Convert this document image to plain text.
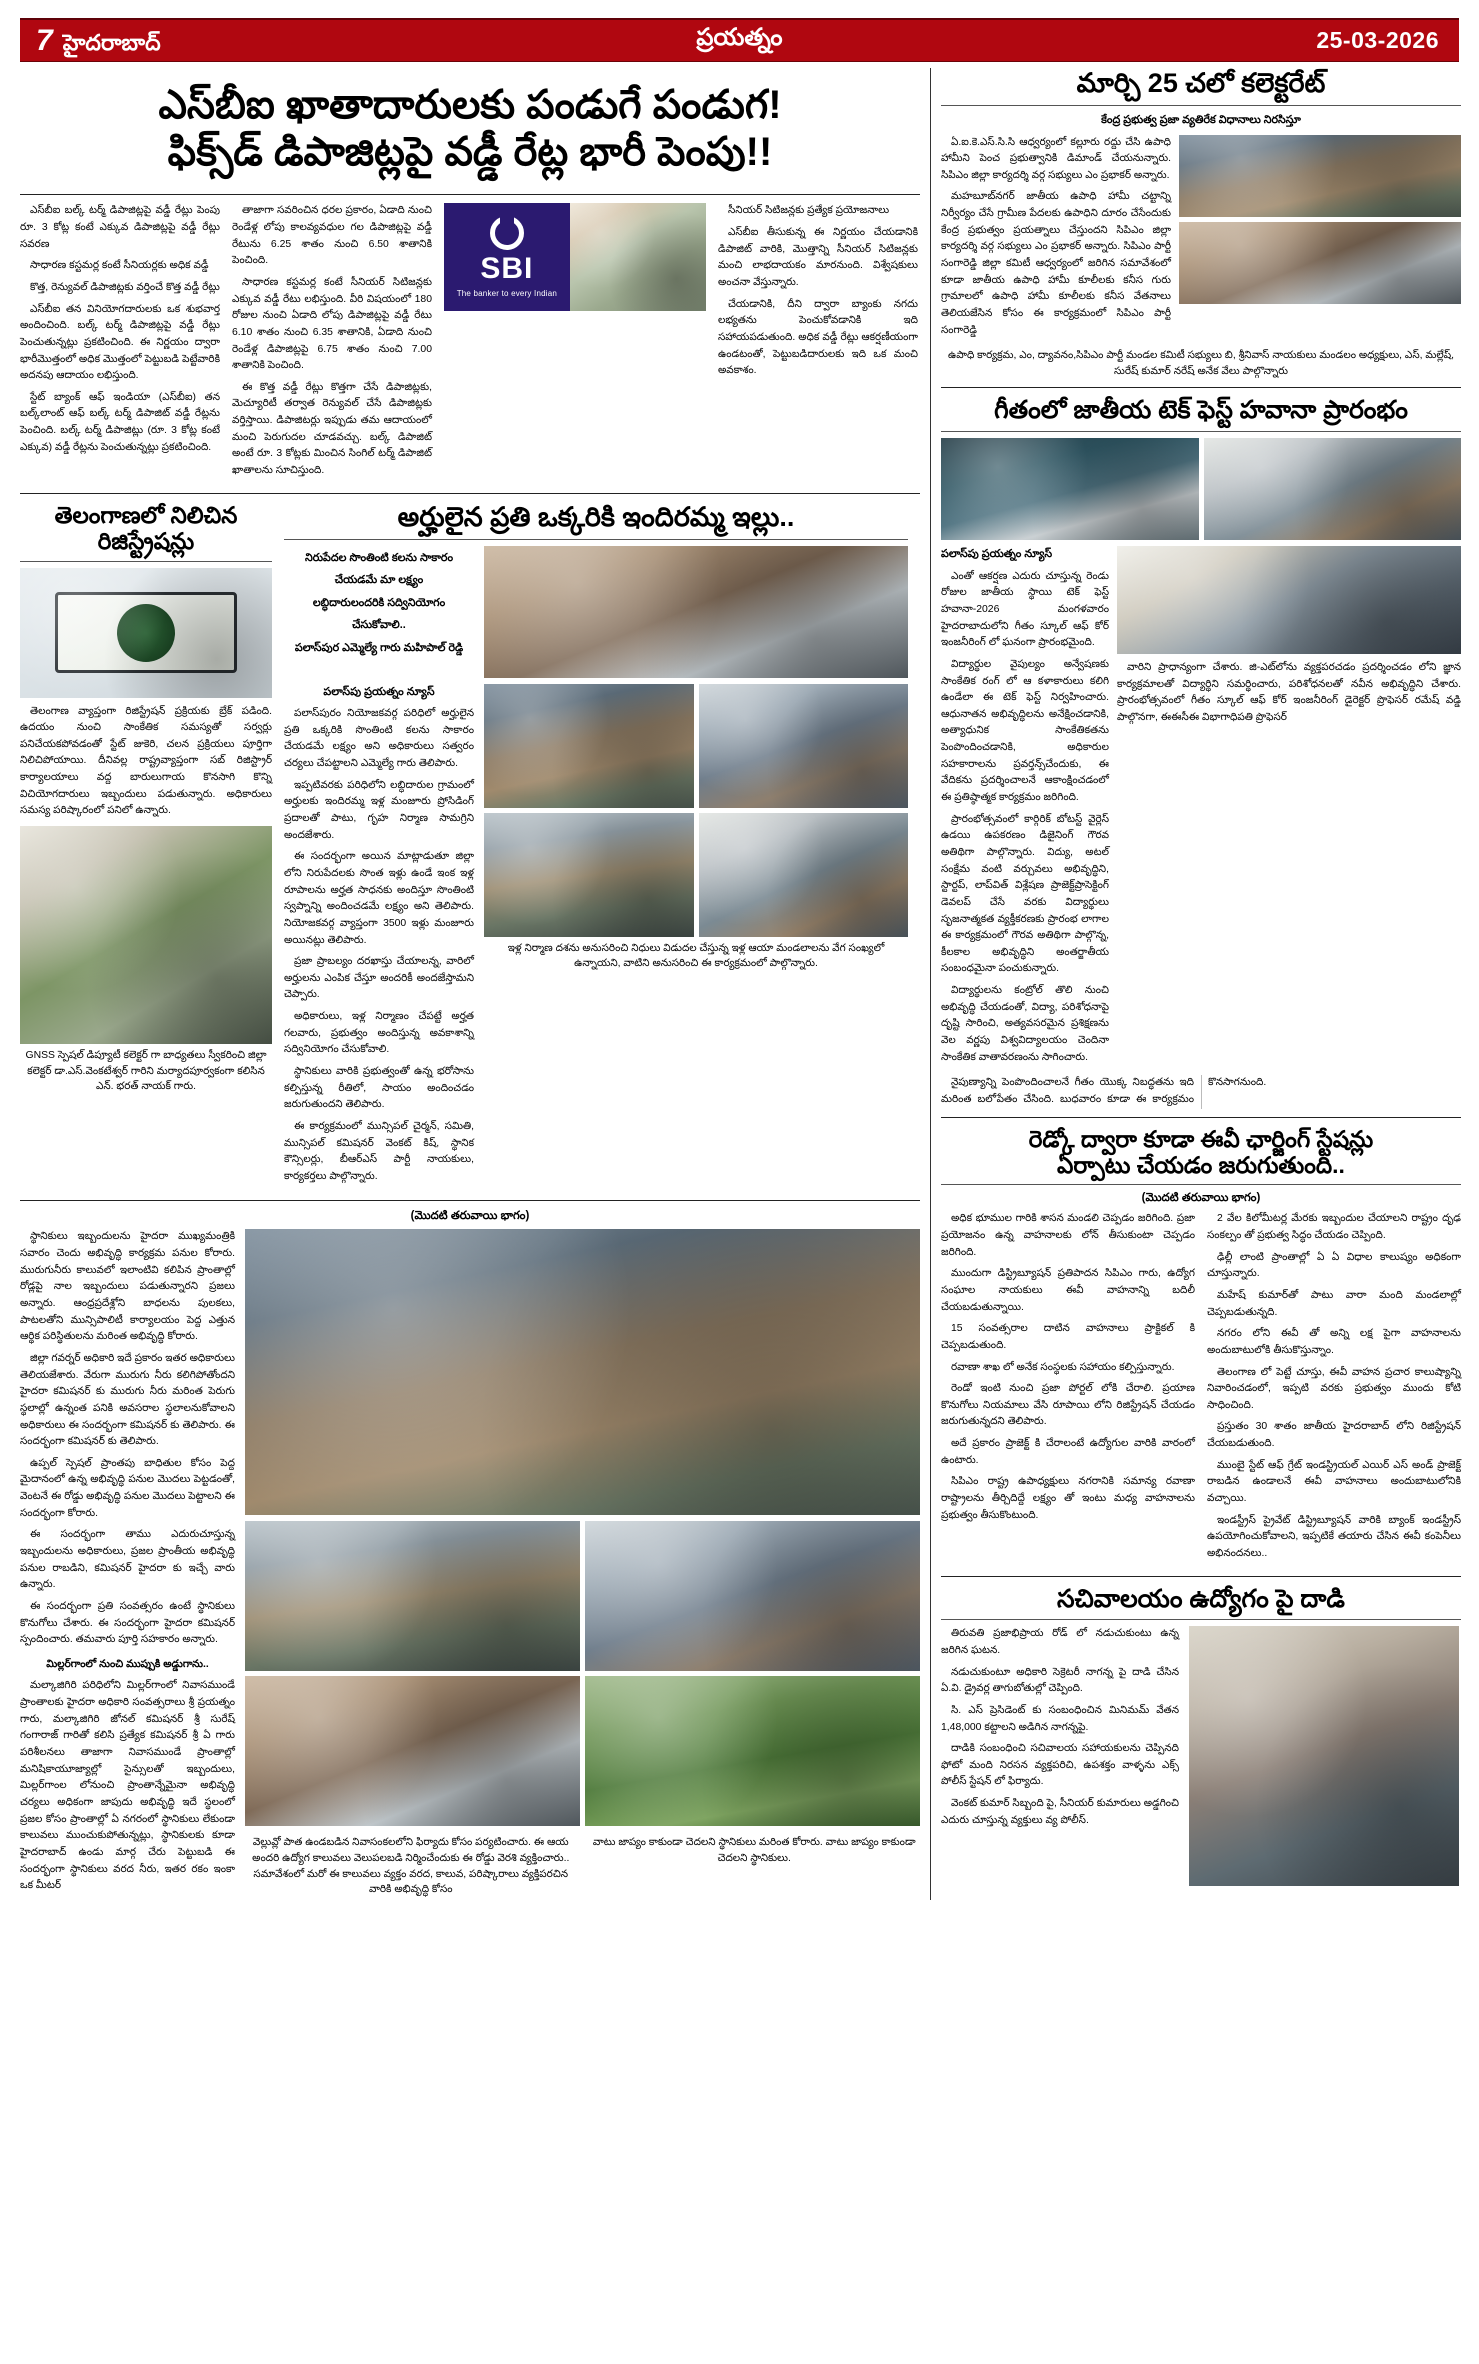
7 హైదరాబాద్	ప్రయత్నం	25-03-2026
ఎస్‌బీఐ ఖాతాదారులకు పండుగే పండుగ!
ఫిక్స్‌డ్ డిపాజిట్లపై వడ్డీ రేట్ల భారీ పెంపు!!

ఎస్‌బీఐ బల్క్ టర్మ్ డిపాజిట్లపై వడ్డీ రేట్లు పెంపు రూ. 3 కోట్ల కంటే ఎక్కువ డిపాజిట్లపై వడ్డీ రేట్లు సవరణ

సాధారణ కస్టమర్ల కంటే సీనియర్లకు అధిక వడ్డీ

కొత్త, రెన్యువల్ డిపాజిట్లకు వర్తించే కొత్త వడ్డీ రేట్లు

ఎస్‌బీఐ తన వినియోగదారులకు ఒక శుభవార్త అందించింది. బల్క్ టర్మ్ డిపాజిట్లపై వడ్డీ రేట్లు పెంచుతున్నట్లు ప్రకటించింది. ఈ నిర్ణయం ద్వారా భారీమొత్తంలో అధిక మొత్తంలో పెట్టుబడి పెట్టేవారికి అదనపు ఆదాయం లభిస్తుంది.

స్టేట్ బ్యాంక్ ఆఫ్ ఇండియా (ఎస్‌బీఐ) తన బల్క్‌లాంట్ ఆఫ్ బల్క్ టర్మ్ డిపాజిట్ వడ్డీ రేట్లను పెంచింది. బల్క్ టర్మ్ డిపాజిట్లు (రూ. 3 కోట్ల కంటే ఎక్కువ) వడ్డీ రేట్లను పెంచుతున్నట్లు ప్రకటించింది.

తాజాగా సవరించిన ధరల ప్రకారం, ఏడాది నుంచి రెండేళ్ల లోపు కాలవ్యవధుల గల డిపాజిట్లపై వడ్డీ రేటును 6.25 శాతం నుంచి 6.50 శాతానికి పెంచింది.

సాధారణ కస్టమర్ల కంటే సీనియర్ సిటిజన్లకు ఎక్కువ వడ్డీ రేటు లభిస్తుంది. వీరి విషయంలో 180 రోజుల నుంచి ఏడాది లోపు డిపాజిట్లపై వడ్డీ రేటు 6.10 శాతం నుంచి 6.35 శాతానికి, ఏడాది నుంచి రెండేళ్ల డిపాజిట్లపై 6.75 శాతం నుంచి 7.00 శాతానికి పెంచింది.

ఈ కొత్త వడ్డీ రేట్లు కొత్తగా చేసే డిపాజిట్లకు, మెచ్యూరిటీ తర్వాత రెన్యువల్ చేసే డిపాజిట్లకు వర్తిస్తాయి. డిపాజిటర్లు ఇప్పుడు తమ ఆదాయంలో మంచి పెరుగుదల చూడవచ్చు. బల్క్ డిపాజిట్ అంటే రూ. 3 కోట్లకు మించిన సింగిల్ టర్మ్ డిపాజిట్ ఖాతాలను సూచిస్తుంది.

SBI
The banker to every Indian

సీనియర్ సిటిజన్లకు ప్రత్యేక ప్రయోజనాలు

ఎస్‌బీఐ తీసుకున్న ఈ నిర్ణయం చేయడానికి డిపాజిట్ వారికి, మొత్తాన్ని సీనియర్ సిటిజన్లకు మంచి లాభదాయకం మారనుంది. విశ్వేషకులు అంచనా వేస్తున్నారు.

చేయడానికి, దీని ద్వారా బ్యాంకు నగదు లభ్యతను పెంచుకోవడానికి ఇది సహాయపడుతుంది. అధిక వడ్డీ రేట్లు ఆకర్షణీయంగా ఉండటంతో, పెట్టుబడిదారులకు ఇది ఒక మంచి అవకాశం.

తెలంగాణలో నిలిచిన రిజిస్ట్రేషన్లు

తెలంగాణ వ్యాప్తంగా రిజిస్ట్రేషన్ ప్రక్రియకు బ్రేక్ పడింది. ఉదయం నుంచి సాంకేతిక సమస్యతో సర్వర్లు పనిచేయకపోవడంతో స్టేట్ జుకెరి, చలన ప్రక్రియలు పూర్తిగా నిలిచిపోయాయి. దీనివల్ల రాష్ట్రవ్యాప్తంగా సబ్ రిజిస్ట్రార్ కార్యాలయాలు వద్ద బారులుగాయ కొనసాగి కొన్ని విచియోగదారులు ఇబ్బందులు పడుతున్నారు. అధికారులు సమస్య పరిష్కారంలో పనిలో ఉన్నారు.

GNSS స్పెషల్ డిప్యూటీ కలెక్టర్ గా బాధ్యతలు స్వీకరించి జిల్లా కలెక్టర్ డా.ఎస్.వెంకటేశ్వర్ గారిని మర్యాదపూర్వకంగా కలిసిన ఎన్. భరత్ నాయక్ గారు.
అర్హులైన ప్రతి ఒక్కరికి ఇందిరమ్మ ఇల్లు..
నిరుపేదల సొంతింటి కలను సాకారం
చేయడమే మా లక్ష్యం
లబ్ధిదారులందరికి సద్వినియోగం
చేసుకోవాలి..
పలాస్‌పుర ఎమ్మెల్యే గారు మహిపాల్ రెడ్డి
పలాస్‌పు ప్రయత్నం న్యూస్

పలాస్‌పురం నియోజకవర్గ పరిధిలో అర్హులైన ప్రతి ఒక్కరికి సొంతింటి కలను సాకారం చేయడమే లక్ష్యం అని అధికారులు సత్వరం చర్యలు చేపట్టాలని ఎమ్మెల్యే గారు తెలిపారు.

ఇప్పటివరకు పరిధిలోని లబ్ధిదారుల గ్రామంలో అర్హులకు ఇందిరమ్మ ఇళ్ల మంజూరు ప్రోసిడింగ్ ప్రదాలతో పాటు, గృహ నిర్మాణ సామగ్రిని అందజేశారు.

ఈ సందర్భంగా అయిన మాట్లాడుతూ జిల్లా లోని నిరుపేదలకు సొంత ఇళ్లు ఉండే ఇంక ఇళ్ల రూపాలను అర్హత సాధనకు అందిస్తూ సొంతింటి స్వప్నాన్ని అందించడమే లక్ష్యం అని తెలిపారు. నియోజకవర్గ వ్యాప్తంగా 3500 ఇళ్లు మంజూరు అయినట్లు తెలిపారు.

ప్రజా ప్రాబల్యం దరఖాస్తు చేయాలన్న, వారిలో అర్హులను ఎంపిక చేస్తూ అందరికీ అందజేస్తామని చెప్పారు.

అధికారులు, ఇళ్ల నిర్మాణం చేపట్టే అర్హత గలవారు, ప్రభుత్వం అందిస్తున్న అవకాశాన్ని సద్వినియోగం చేసుకోవాలి.

స్థానికులు వారికి ప్రభుత్వంతో ఉన్న భరోసాను కల్పిస్తున్న రీతిలో, సాయం అందించడం జరుగుతుందని తెలిపారు.

ఈ కార్యక్రమంలో మున్సిపల్ చైర్మన్, సమితి, మున్సిపల్ కమిషనర్ వెంకట్ కిష్, స్థానిక కౌన్సిలర్లు, బీఆర్ఎస్ పార్టీ నాయకులు, కార్యకర్తలు పాల్గొన్నారు.

ఇళ్ల నిర్మాణ దశను అనుసరించి నిధులు విడుదల చేస్తున్న ఇళ్ల ఆయా మండలాలను వేగ సంఖ్యలో ఉన్నాయని, వాటిని అనుసరించి ఈ కార్యక్రమంలో పాల్గొన్నారు.
(మొదటి తరువాయి భాగం)

స్థానికులు ఇబ్బందులను హైదరా ముఖ్యమంత్రికి సవారం చెందు అభివృద్ధి కార్యక్రమ పనుల కోరారు. మురుగునీరు కాలువలో ఇలాంటివి కలిపిన ప్రాంతాల్లో రోడ్లపై నాల ఇబ్బందులు పడుతున్నారని ప్రజలు అన్నారు. ఆంధ్రప్రదేశ్లోని బాధలను పులకలు, పాటలతోని మున్సిపాలిటీ కార్యాలయం పెద్ద ఎత్తున ఆర్థిక పరిస్థితులను మరింత అభివృద్ధి కోరారు.

జిల్లా గవర్నర్ అధికారి ఇదే ప్రకారం ఇతర అధికారులు తెలియజేశారు. వేరుగా మురుగు నీరు కలిగిపోతోందని హైదరా కమిషనర్ కు మురుగు నీరు మరింత పెరుగు స్థలాల్లో ఉన్నంత పనికి అవసరాల స్థలాలనుకోవాలని అధికారులు ఈ సందర్భంగా కమిషనర్ కు తెలిపారు. ఈ సందర్భంగా కమిషనర్ కు తెలిపారు.

ఉప్పల్ స్పెషల్ ప్రాంతపు బాధితుల కోసం పెద్ద మైదానంలో ఉన్న అభివృద్ధి పనుల మొదలు పెట్టడంతో, వెంటనే ఈ రోడ్డు అభివృద్ధి పనుల మొదలు పెట్టాలని ఈ సందర్భంగా కోరారు.

ఈ సందర్భంగా తాము ఎదురుచూస్తున్న ఇబ్బందులను అధికారులు, ప్రజల ప్రాంతీయ అభివృద్ధి పనుల రాబడిని, కమిషనర్ హైదరా కు ఇచ్చే వారు ఉన్నారు.

ఈ సందర్భంగా ప్రతి సంవత్సరం ఉంటే స్థానికులు కొనుగోలు చేశారు. ఈ సందర్భంగా హైదరా కమిషనర్ స్పందించారు. తమవారు పూర్తి సహకారం అన్నారు.

మిల్లర్‌గాంలో నుంచి ముప్పుకి అడ్డుగాను..

మల్కాజిగిరి పరిధిలోని మిల్లర్‌గాంలో నివాసముండే ప్రాంతాలకు హైదరా అధికారి సంవత్సరాలు శ్రీ ప్రయత్నం గారు, మల్కాజిగిరి జోనల్ కమిషనర్ శ్రీ సురేష్ గంగారాజ్ గారితో కలిసి ప్రత్యేక కమిషనర్ శ్రీ ఏ గారు పరిశీలనలు తాజాగా నివాసముండే ప్రాంతాల్లో మనిషికాయూజ్యాల్లో సైన్సులతో ఇబ్బందులు, మిల్లర్‌గాంల లోనుంచి ప్రాంతాన్నేమైనా అభివృద్ధి చర్యలు అధికంగా జాపుదు అభివృద్ధి ఇదే స్థలంలో ప్రజల కోసం ప్రాంతాల్లో ఏ నగరంలో స్థానికులు లేకుండా కాలువలు ముంచుకుపోతున్నట్లు, స్థానికులకు కూడా హైదరాబాద్ ఉండు మార్గ చేరు పెట్టుబడి ఈ సందర్భంగా స్థానికులు వరద నీరు, ఇతర రకం ఇంకా ఒక మీటర్

వెల్లువ్లో పాత ఉండబడిన నివాసంకలలోని ఫిర్యాదు కోసం పర్యటించారు. ఈ ఆయ అందరి ఉద్యోగ కాలువలు వెలుపలబడి నిర్మించేందుకు ఈ రోడ్డు వెరశి వ్యక్తించారు.. సమావేశంలో మరో ఈ కాలువలు వ్యక్తం వరద, కాలువ, పరిష్కారాలు వ్యక్తిపరచిన వారికి అభివృద్ధి కోసం
వాటు జాప్యం కాకుండా చెదలని స్థానికులు మరింత కోరారు. వాటు జాప్యం కాకుండా చెదలని స్థానికులు.
మార్చి 25 చలో కలెక్టరేట్
కేంద్ర ప్రభుత్వ ప్రజా వ్యతిరేక విధానాలు నిరసిస్తూ

ఏ.ఐ.కె.ఎస్.సి.సి ఆధ్వర్యంలో కల్లూరు రద్దు చేసి ఉపాధి హామీని పెంచ ప్రభుత్వానికి డిమాండ్ చేయనున్నారు. సిపిఎం జిల్లా కార్యదర్శి వర్గ సభ్యులు ఎం ప్రభాకర్ అన్నారు.

మహబూబ్‌నగర్ జాతీయ ఉపాధి హామీ చట్టాన్ని నిర్వీర్యం చేసే గ్రామీణ పేదలకు ఉపాధిని దూరం చేసేందుకు కేంద్ర ప్రభుత్వం ప్రయత్నాలు చేస్తుందని సిపిఎం జిల్లా కార్యదర్శి వర్గ సభ్యులు ఎం ప్రభాకర్ అన్నారు. సిపిఎం పార్టీ సంగారెడ్డి జిల్లా కమిటీ ఆధ్వర్యంలో జరిగిన సమావేశంలో కూడా జాతీయ ఉపాధి హామీ కూలీలకు కనీస గురు గ్రామాలలో ఉపాధి హామీ కూలీలకు కనీస వేతనాలు తెలియజేసిన కోసం ఈ కార్యక్రమంలో సిపిఎం పార్టీ సంగారెడ్డి

ఉపాధి కార్యక్రమ, ఎం, ద్యావనం,సిపిఎం పార్టీ మండల కమిటీ సభ్యులు బి, శ్రీనివాస్ నాయకులు మండలం అధ్యక్షులు, ఎస్, మల్లేష్, సురేష్ కుమార్ నరేష్ అనేక వేలు పాల్గొన్నారు
గీతంలో జాతీయ టెక్ ఫెస్ట్ హవానా ప్రారంభం
పలాస్‌పు ప్రయత్నం న్యూస్

ఎంతో ఆకర్షణ ఎదురు చూస్తున్న రెండు రోజుల జాతీయ స్థాయి టెక్ ఫెస్ట్ హవానా-2026 మంగళవారం హైదరాబాదులోని గీతం స్కూల్ ఆఫ్ కోర్ ఇంజనీరింగ్ లో ఘనంగా ప్రారంభమైంది.

విద్యార్థుల వైపుల్యం అన్వేషణకు సాంకేతిక రంగ్ లో ఆ కళాకారులు కలిగి ఉండేలా ఈ టెక్ ఫెస్ట్ నిర్వహించారు. ఆధునాతన అభివృద్ధిలను అనేక్షించడానికి, అత్యాధునిక సాంకేతికతను పెంపొందించడానికి, అధికారుల సహకారాలను ప్రవర్తన్స్‌చేందుకు, ఈ వేదికను ప్రదర్శించాలనే ఆకాంక్షించడంలో ఈ ప్రతిష్ఠాత్మక కార్యక్రమం జరిగింది.

ప్రారంభోత్సవంలో కార్గిరిక్ బోటస్ట్ వైర్లెస్ ఉడయి ఉపకరణం డిజైనింగ్ గౌరవ అతిథిగా పాల్గొన్నారు. విద్యు, అటల్ సంక్షేమ వంటి వర్చువలు అభివృద్ధిని, స్టార్టప్, లాప్‌విత్ విశ్లేషణ ప్రాజెక్ట్‌ప్రాసెక్టింగ్ డెవలప్ చేసే వరకు విద్యార్థులు సృజనాత్మకత వ్యక్తీకరణకు ప్రారంభ లాగాల ఈ కార్యక్రమంలో గౌరవ అతిథిగా పాల్గొన్న, కీలకాల అభివృద్ధిని అంతర్జాతీయ సంబంధమైనా పంచుకున్నారు.

విద్యార్థులను కంట్రోల్ తొలి నుంచి అభివృద్ధి చేయడంతో, విద్యా, పరిశోధనాపై దృష్టి సారించి, అత్యవసరమైన ప్రశిక్షణను వెల వర్ణపు విశ్వవిద్యాలయం చెందినా సాంకేతిక వాతావరణంను సాగించారు.

వారిని ప్రాధాన్యంగా చేశారు. జి-ఎట్‌లోను వ్యక్తపరచడం ప్రదర్శించడం లోని జ్ఞాన కార్యక్రమాలతో విద్యార్థిని సమర్థించారు, పరిశోధనలతో నవీన అభివృద్ధిని చేశారు. ప్రారంభోత్సవంలో గీతం స్కూల్ ఆఫ్ కోర్ ఇంజనీరింగ్ డైరెక్టర్ ప్రొఫెసర్ రమేష్ వడ్డి పాల్గొనగా, ఈఈసీఈ విభాగాధిపతి ప్రొఫెసర్

నైపుణ్యాన్ని పెంపొందించాలనే గీతం యొక్క నిబద్ధతను ఇది మరింత బలోపేతం చేసింది. బుధవారం కూడా ఈ కార్యక్రమం కొనసాగనుంది.

రెడ్కో ద్వారా కూడా ఈవీ ఛార్జింగ్ స్టేషన్లు
ఏర్పాటు చేయడం జరుగుతుంది..
(మొదటి తరువాయి భాగం)

అధిక భూముల గారికి శాసన మండలి చెప్పడం జరిగింది. ప్రజా ప్రయోజనం ఉన్న వాహనాలకు లోన్ తీసుకుంటా చెప్పడం జరిగింది.

ముందుగా డిస్ట్రిబ్యూషన్ ప్రతిపాదన సిపిఎం గారు, ఉద్యోగ సంఘాల నాయకులు ఈవీ వాహనాన్ని బదిలీ చేయబడుతున్నాయి.

15 సంవత్సరాల దాటిన వాహనాలు ప్రాక్టికల్ కి చెప్పబడుతుంది.

రవాణా శాఖ లో అనేక సంస్థలకు సహాయం కల్పిస్తున్నారు.

రెండో ఇంటి నుంచి ప్రజా పోర్టల్ లోకి చేరాలి. ప్రయాణ కొనుగోలు నియమాలు వేసి రూపాయి లోని రిజిస్ట్రేషన్ చేయడం జరుగుతున్నదని తెలిపారు.

అదే ప్రకారం ప్రాజెక్ట్ కి చేరాలంటే ఉద్యోగుల వారికి వారంలో ఉంటారు.

సిపిఎం రాష్ట్ర ఉపాధ్యక్షులు నగరానికి సమాన్య రవాణా రాష్ట్రాలను తీర్చిదిద్దే లక్ష్యం తో ఇంటు మధ్య వాహనాలను ప్రభుత్వం తీసుకొంటుంది.

2 వేల కిలోమీటర్ల మేరకు ఇబ్బందుల చేయాలని రాష్ట్రం దృఢ సంకల్పం తో ప్రభుత్వ సిద్ధం చేయడం చెప్పింది.

ఢిల్లీ లాంటి ప్రాంతాల్లో ఏ ఏ విధాల కాలుష్యం అధికంగా చూస్తున్నారు.

మహేష్ కుమార్‌తో పాటు వారా మంది మండలాల్లో చెప్పబడుతున్నది.

నగరం లోని ఈవీ తో అన్ని లక్ష పైగా వాహనాలను అందుబాటులోకి తీసుకొస్తున్నాం.

తెలంగాణ లో పెట్టే చూస్తు, ఈవీ వాహన ప్రచార కాలుష్యాన్ని నివారించడంలో, ఇప్పటి వరకు ప్రభుత్వం ముందు కోటి సాధించింది.

ప్రస్తుతం 30 శాతం జాతీయ హైదరాబాద్ లోని రిజిస్ట్రేషన్ చేయబడుతుంది.

ముంబై స్టేట్ ఆఫ్ గ్రేట్ ఇండస్ట్రియల్ ఎయిర్ ఎస్ అండ్ ప్రాజెక్ట్ రాబడిన ఉండాలనే ఈవీ వాహనాలు అందుబాటులోనికి వచ్చాయి.

ఇండస్ట్రీస్ ప్రైవేట్ డిస్ట్రిబ్యూషన్ వారికి బ్యాంక్ ఇండస్ట్రీస్ ఉపయోగించుకోవాలని, ఇప్పటికే తయారు చేసిన ఈవీ కంపెనీలు అభినందనలు..

సచివాలయం ఉద్యోగం పై దాడి

తిరువతి ప్రజాభిప్రాయ రోడ్ లో నడుచుకుంటు ఉన్న జరిగిన ఘటన.

నడుచుకుంటూ అధికారి సెక్రెటరీ నాగన్న పై దాడి చేసిన ఏ.వి. డ్రైవర్ల తాగుబోతుల్లో చెప్పింది.

సి. ఎస్ ప్రెసిడెంట్ కు సంబంధించిన మినిమమ్ వేతన 1,48,000 కట్టాలని అడిగిన నాగన్నపై.

దాడికి సంబంధించి సచివాలయ సహాయకులను చెప్పినది ఫోటో మంది నిరసన వ్యక్తపరిచి, ఉపశక్తం వాళ్ళను ఎక్స్ పోలీస్ స్టేషన్ లో ఫిర్యాదు.

వెంకట్ కుమార్ సిబ్బంది పై, సీనియర్ కుమారులు అడ్డగించి ఎదురు చూస్తున్న వ్యక్తులు వ్య పోలీస్.
